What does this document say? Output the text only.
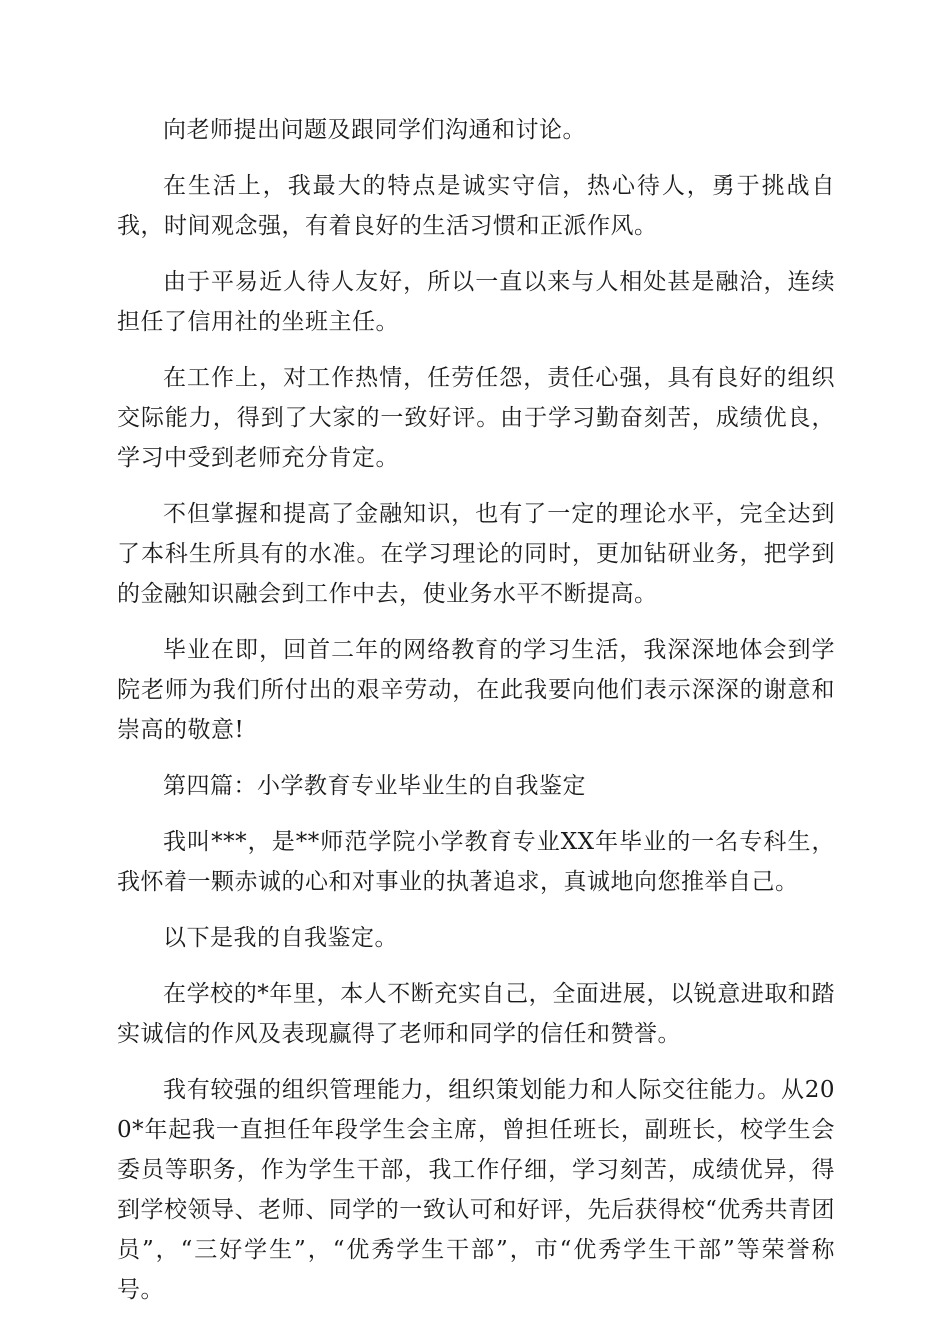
向老师提出问题及跟同学们沟通和讨论。

在生活上，我最大的特点是诚实守信，热心待人，勇于挑战自我，时间观念强，有着良好的生活习惯和正派作风。

由于平易近人待人友好，所以一直以来与人相处甚是融洽，连续担任了信用社的坐班主任。

在工作上，对工作热情，任劳任怨，责任心强，具有良好的组织交际能力，得到了大家的一致好评。由于学习勤奋刻苦，成绩优良，学习中受到老师充分肯定。

不但掌握和提高了金融知识，也有了一定的理论水平，完全达到了本科生所具有的水准。在学习理论的同时，更加钻研业务，把学到的金融知识融会到工作中去，使业务水平不断提高。

毕业在即，回首二年的网络教育的学习生活，我深深地体会到学院老师为我们所付出的艰辛劳动，在此我要向他们表示深深的谢意和崇高的敬意!

第四篇：小学教育专业毕业生的自我鉴定

我叫***，是**师范学院小学教育专业XX年毕业的一名专科生，我怀着一颗赤诚的心和对事业的执著追求，真诚地向您推举自己。

以下是我的自我鉴定。

在学校的*年里，本人不断充实自己，全面进展，以锐意进取和踏实诚信的作风及表现赢得了老师和同学的信任和赞誉。

我有较强的组织管理能力，组织策划能力和人际交往能力。从200*年起我一直担任年段学生会主席，曾担任班长，副班长，校学生会委员等职务，作为学生干部，我工作仔细，学习刻苦，成绩优异，得到学校领导、老师、同学的一致认可和好评，先后获得校“优秀共青团员”，“三好学生”，“优秀学生干部”，市“优秀学生干部”等荣誉称号。
